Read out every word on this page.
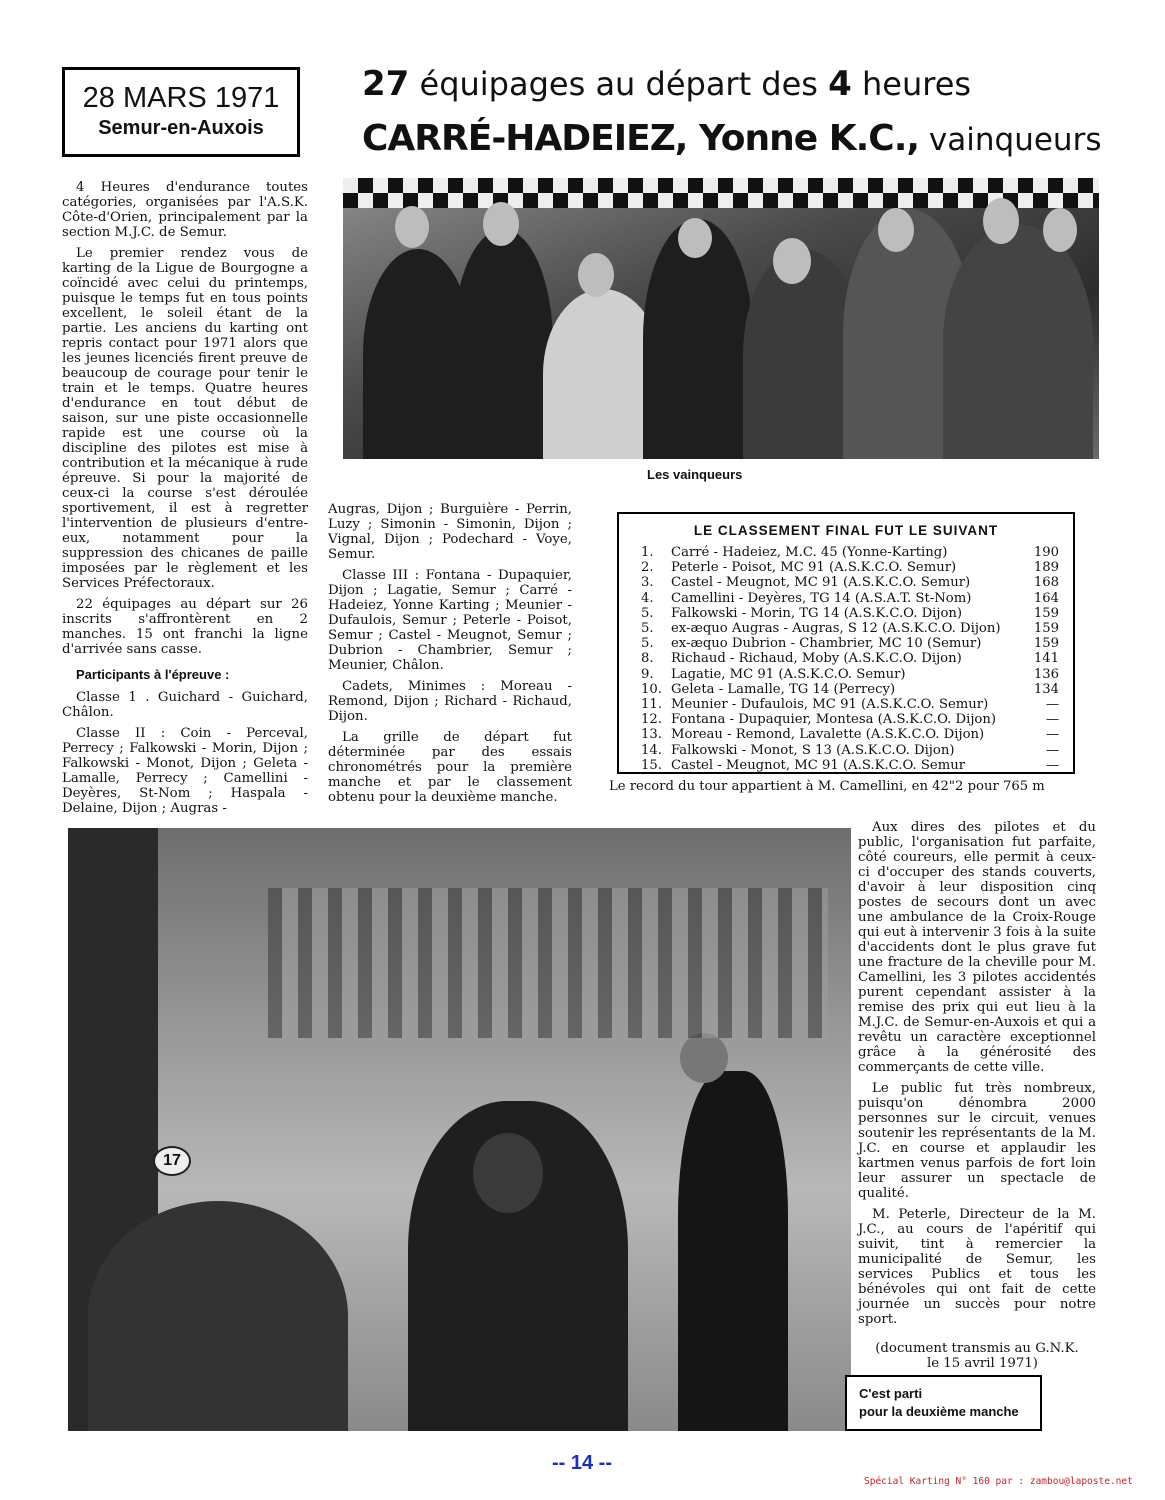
28 MARS 1971
Semur-en-Auxois
27 équipages au départ des 4 heures
CARRÉ-HADEIEZ, Yonne K.C., vainqueurs
Les vainqueurs

4 Heures d'endurance toutes catégories, organisées par l'A.S.K. Côte-d'Orien, principalement par la section M.J.C. de Semur.

Le premier rendez vous de karting de la Ligue de Bourgogne a coïncidé avec celui du printemps, puisque le temps fut en tous points excellent, le soleil étant de la partie. Les anciens du karting ont repris contact pour 1971 alors que les jeunes licenciés firent preuve de beaucoup de courage pour tenir le train et le temps. Quatre heures d'endurance en tout début de saison, sur une piste occasionnelle rapide est une course où la discipline des pilotes est mise à contribution et la mécanique à rude épreuve. Si pour la majorité de ceux-ci la course s'est déroulée sportivement, il est à regretter l'intervention de plusieurs d'entre-eux, notamment pour la suppression des chicanes de paille imposées par le règlement et les Services Préfectoraux.

22 équipages au départ sur 26 inscrits s'affrontèrent en 2 manches. 15 ont franchi la ligne d'arrivée sans casse.

Participants à l'épreuve :

Classe 1 . Guichard - Guichard, Châlon.

Classe II : Coin - Perceval, Perrecy ; Falkowski - Morin, Dijon ; Falkowski - Monot, Dijon ; Geleta - Lamalle, Perrecy ; Camellini - Deyères, St-Nom ; Haspala - Delaine, Dijon ; Augras -

Augras, Dijon ; Burguière - Perrin, Luzy ; Simonin - Simonin, Dijon ; Vignal, Dijon ; Podechard - Voye, Semur.

Classe III : Fontana - Dupaquier, Dijon ; Lagatie, Semur ; Carré - Hadeiez, Yonne Karting ; Meunier - Dufaulois, Semur ; Peterle - Poisot, Semur ; Castel - Meugnot, Semur ; Dubrion - Chambrier, Semur ; Meunier, Châlon.

Cadets, Minimes : Moreau - Remond, Dijon ; Richard - Richaud, Dijon.

La grille de départ fut déterminée par des essais chronométrés pour la première manche et par le classement obtenu pour la deuxième manche.

LE CLASSEMENT FINAL FUT LE SUIVANT
1.	Carré - Hadeiez, M.C. 45 (Yonne-Karting)	190
2.	Peterle - Poisot, MC 91 (A.S.K.C.O. Semur)	189
3.	Castel - Meugnot, MC 91 (A.S.K.C.O. Semur)	168
4.	Camellini - Deyères, TG 14 (A.S.A.T. St-Nom)	164
5.	Falkowski - Morin, TG 14 (A.S.K.C.O. Dijon)	159
5.	ex-æquo Augras - Augras, S 12 (A.S.K.C.O. Dijon)	159
5.	ex-æquo Dubrion - Chambrier, MC 10 (Semur)	159
8.	Richaud - Richaud, Moby (A.S.K.C.O. Dijon)	141
9.	Lagatie, MC 91 (A.S.K.C.O. Semur)	136
10. Geleta - Lamalle, TG 14 (Perrecy)	134
11. Meunier - Dufaulois, MC 91 (A.S.K.C.O. Semur)	—
12. Fontana - Dupaquier, Montesa (A.S.K.C.O. Dijon)	—
13. Moreau - Remond, Lavalette (A.S.K.C.O. Dijon)	—
14. Falkowski - Monot, S 13 (A.S.K.C.O. Dijon)	—
15. Castel - Meugnot, MC 91 (A.S.K.C.O. Semur	—
Le record du tour appartient à M. Camellini, en 42"2 pour 765 m
17

Aux dires des pilotes et du public, l'organisation fut parfaite, côté coureurs, elle permit à ceux-ci d'occuper des stands couverts, d'avoir à leur disposition cinq postes de secours dont un avec une ambulance de la Croix-Rouge qui eut à intervenir 3 fois à la suite d'accidents dont le plus grave fut une fracture de la cheville pour M. Camellini, les 3 pilotes accidentés purent cependant assister à la remise des prix qui eut lieu à la M.J.C. de Semur-en-Auxois et qui a revêtu un caractère exceptionnel grâce à la générosité des commerçants de cette ville.

Le public fut très nombreux, puisqu'on dénombra 2000 personnes sur le circuit, venues soutenir les représentants de la M. J.C. en course et applaudir les kartmen venus parfois de fort loin leur assurer un spectacle de qualité.

M. Peterle, Directeur de la M. J.C., au cours de l'apéritif qui suivit, tint à remercier la municipalité de Semur, les services Publics et tous les bénévoles qui ont fait de cette journée un succès pour notre sport.

(document transmis au G.N.K.

le 15 avril 1971)

C'est parti
pour la deuxième manche
-- 14 --
Spécial Karting N° 160 par : zambou@laposte.net
